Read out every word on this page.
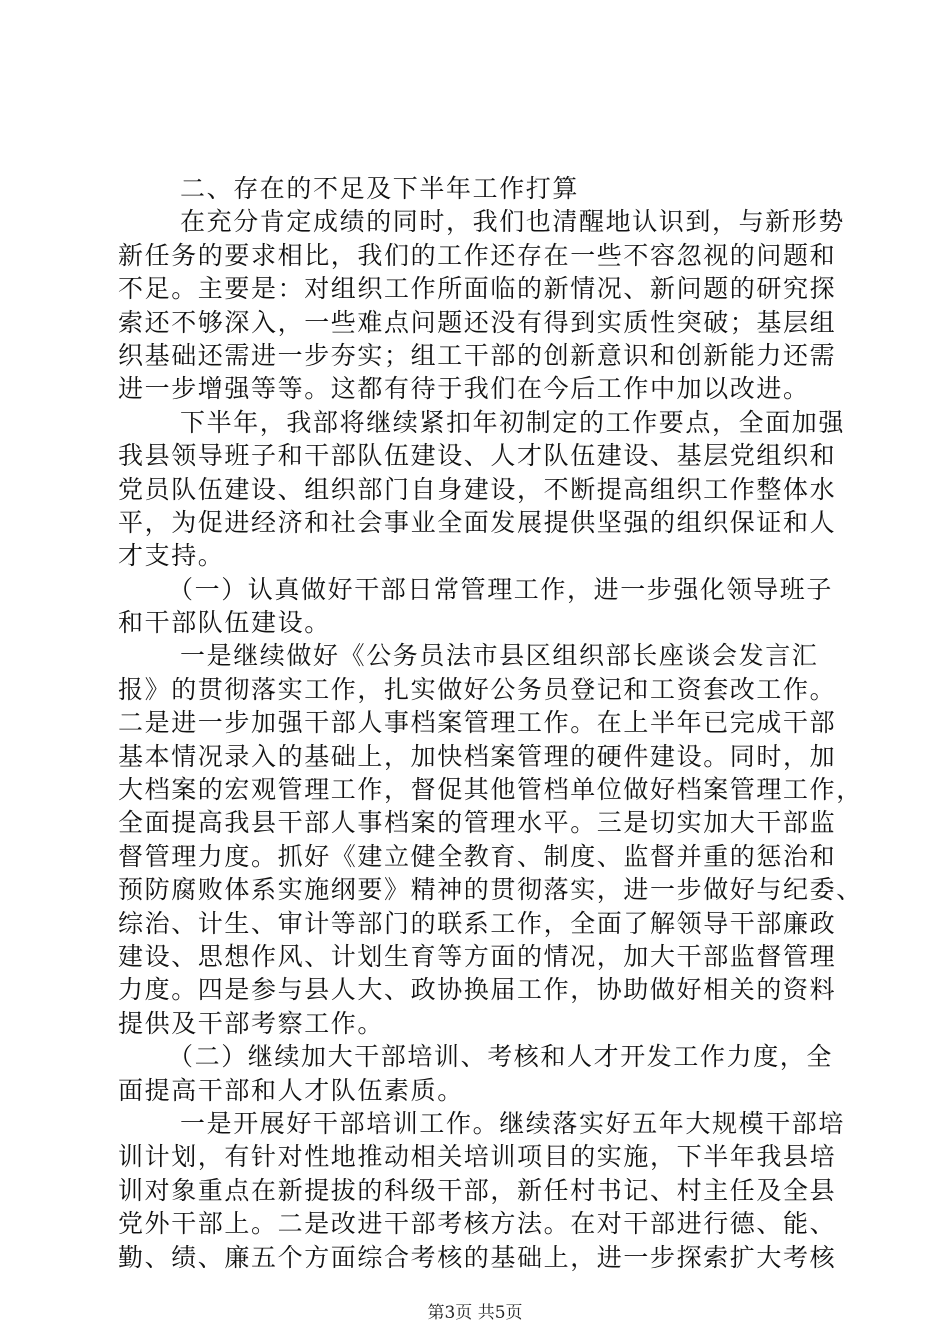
二、存在的不足及下半年工作打算
在充分肯定成绩的同时，我们也清醒地认识到，与新形势
新任务的要求相比，我们的工作还存在一些不容忽视的问题和
不足。主要是：对组织工作所面临的新情况、新问题的研究探
索还不够深入，一些难点问题还没有得到实质性突破；基层组
织基础还需进一步夯实；组工干部的创新意识和创新能力还需
进一步增强等等。这都有待于我们在今后工作中加以改进。
下半年，我部将继续紧扣年初制定的工作要点，全面加强
我县领导班子和干部队伍建设、人才队伍建设、基层党组织和
党员队伍建设、组织部门自身建设，不断提高组织工作整体水
平，为促进经济和社会事业全面发展提供坚强的组织保证和人
才支持。
（一）认真做好干部日常管理工作，进一步强化领导班子
和干部队伍建设。
一是继续做好《公务员法市县区组织部长座谈会发言汇
报》的贯彻落实工作，扎实做好公务员登记和工资套改工作。
二是进一步加强干部人事档案管理工作。在上半年已完成干部
基本情况录入的基础上，加快档案管理的硬件建设。同时，加
大档案的宏观管理工作，督促其他管档单位做好档案管理工作，
全面提高我县干部人事档案的管理水平。三是切实加大干部监
督管理力度。抓好《建立健全教育、制度、监督并重的惩治和
预防腐败体系实施纲要》精神的贯彻落实，进一步做好与纪委、
综治、计生、审计等部门的联系工作，全面了解领导干部廉政
建设、思想作风、计划生育等方面的情况，加大干部监督管理
力度。四是参与县人大、政协换届工作，协助做好相关的资料
提供及干部考察工作。
（二）继续加大干部培训、考核和人才开发工作力度，全
面提高干部和人才队伍素质。
一是开展好干部培训工作。继续落实好五年大规模干部培
训计划，有针对性地推动相关培训项目的实施，下半年我县培
训对象重点在新提拔的科级干部，新任村书记、村主任及全县
党外干部上。二是改进干部考核方法。在对干部进行德、能、
勤、绩、廉五个方面综合考核的基础上，进一步探索扩大考核
第3页 共5页
